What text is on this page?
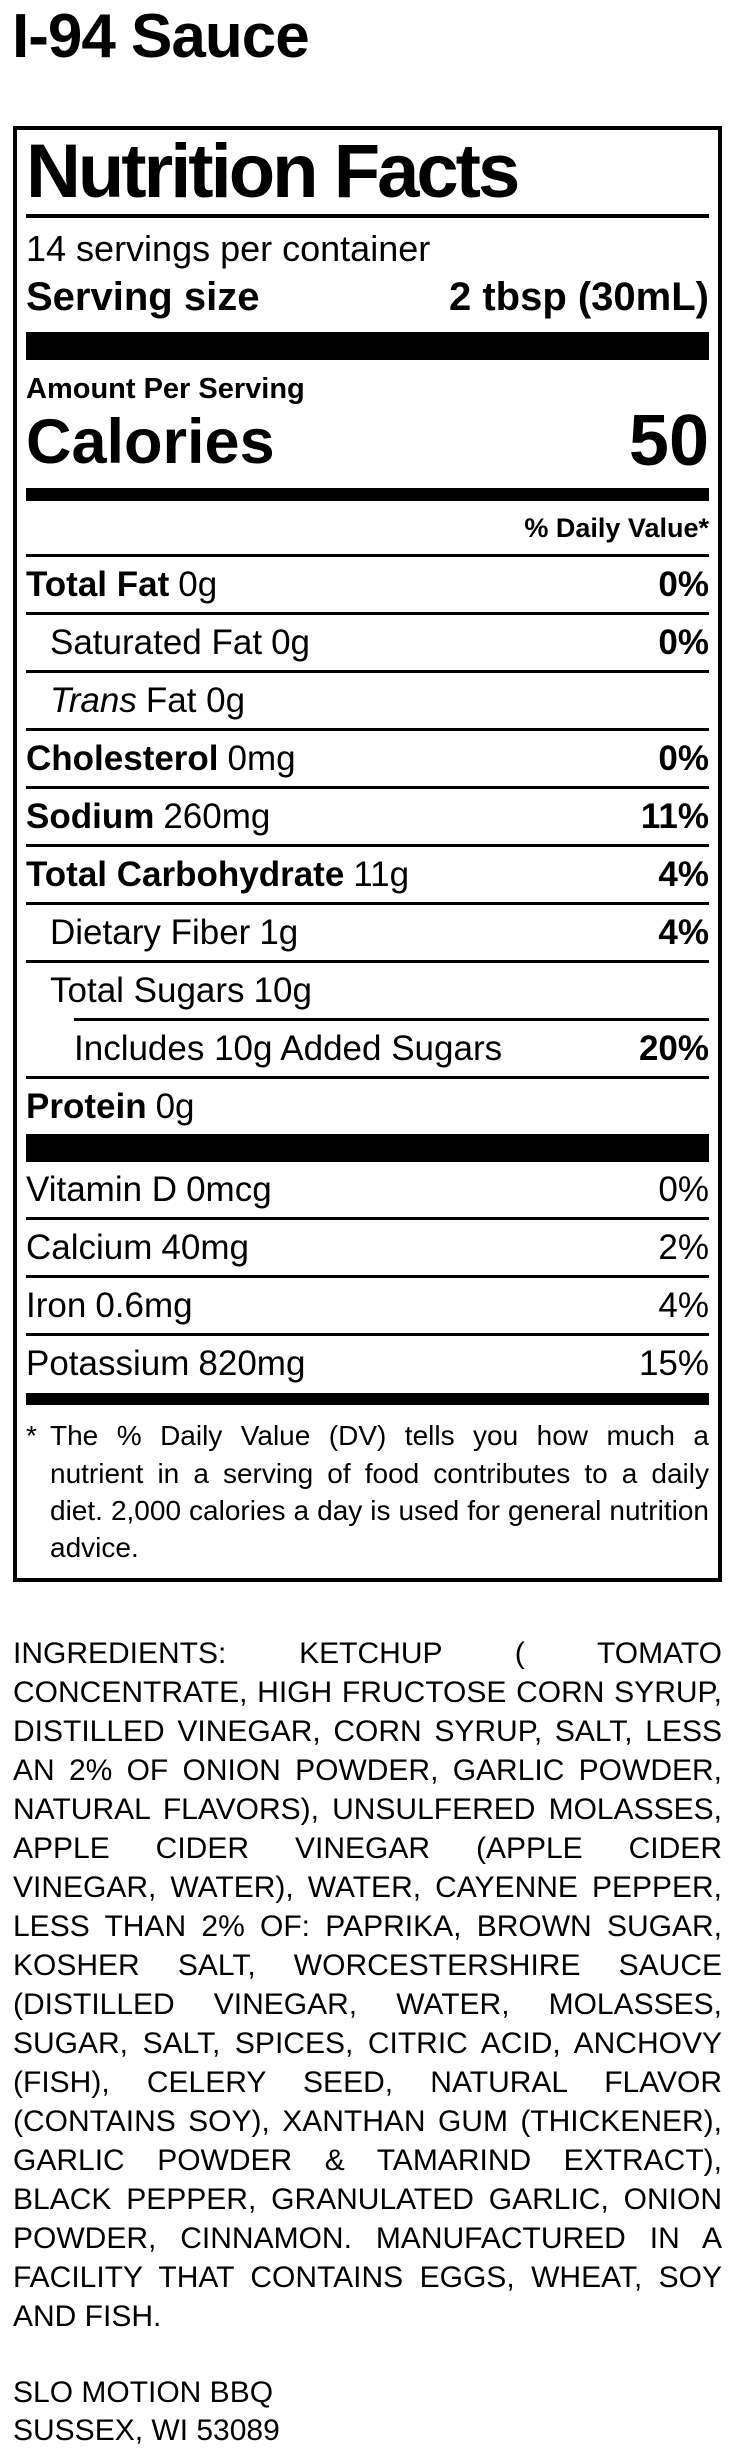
I-94 Sauce
Nutrition Facts
14 servings per container
Serving size	2 tbsp (30mL)
Amount Per Serving
Calories	50
% Daily Value*
Total Fat 0g	0%
Saturated Fat 0g	0%
Trans Fat 0g
Cholesterol 0mg	0%
Sodium 260mg	11%
Total Carbohydrate 11g	4%
Dietary Fiber 1g	4%
Total Sugars 10g
Includes 10g Added Sugars	20%
Protein 0g
Vitamin D 0mcg	0%
Calcium 40mg	2%
Iron 0.6mg	4%
Potassium 820mg	15%
* The % Daily Value (DV) tells you how much a nutrient in a serving of food contributes to a daily diet. 2,000 calories a day is used for general nutrition advice.

INGREDIENTS: KETCHUP ( TOMATO CONCENTRATE, HIGH FRUCTOSE CORN SYRUP, DISTILLED VINEGAR, CORN SYRUP, SALT, LESS AN 2% OF ONION POWDER, GARLIC POWDER, NATURAL FLAVORS), UNSULFERED MOLASSES, APPLE CIDER VINEGAR (APPLE CIDER VINEGAR, WATER), WATER, CAYENNE PEPPER, LESS THAN 2% OF: PAPRIKA, BROWN SUGAR, KOSHER SALT, WORCESTERSHIRE SAUCE (DISTILLED VINEGAR, WATER, MOLASSES, SUGAR, SALT, SPICES, CITRIC ACID, ANCHOVY (FISH), CELERY SEED, NATURAL FLAVOR (CONTAINS SOY), XANTHAN GUM (THICKENER), GARLIC POWDER & TAMARIND EXTRACT), BLACK PEPPER, GRANULATED GARLIC, ONION POWDER, CINNAMON. MANUFACTURED IN A FACILITY THAT CONTAINS EGGS, WHEAT, SOY AND FISH.

SLO MOTION BBQ
SUSSEX, WI 53089
